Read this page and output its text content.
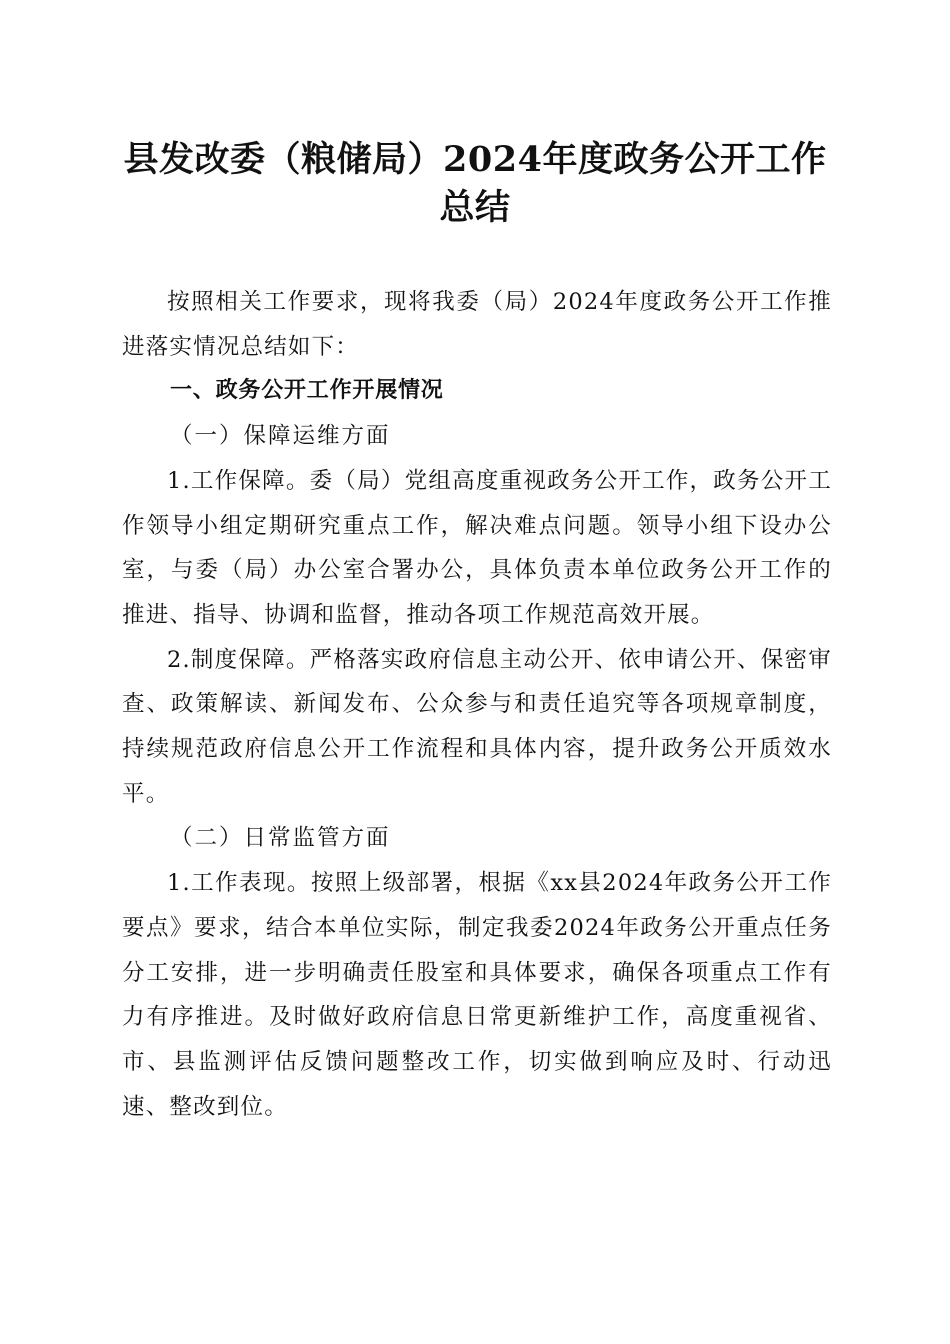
县发改委（粮储局）2024年度政务公开工作
总结

按照相关工作要求，现将我委（局）2024年度政务公开工作推进落实情况总结如下：

一、政务公开工作开展情况

（一）保障运维方面

1.工作保障。委（局）党组高度重视政务公开工作，政务公开工作领导小组定期研究重点工作，解决难点问题。领导小组下设办公室，与委（局）办公室合署办公，具体负责本单位政务公开工作的推进、指导、协调和监督，推动各项工作规范高效开展。

2.制度保障。严格落实政府信息主动公开、依申请公开、保密审查、政策解读、新闻发布、公众参与和责任追究等各项规章制度，持续规范政府信息公开工作流程和具体内容，提升政务公开质效水平。

（二）日常监管方面

1.工作表现。按照上级部署，根据《xx县2024年政务公开工作要点》要求，结合本单位实际，制定我委2024年政务公开重点任务分工安排，进一步明确责任股室和具体要求，确保各项重点工作有力有序推进。及时做好政府信息日常更新维护工作，高度重视省、市、县监测评估反馈问题整改工作，切实做到响应及时、行动迅速、整改到位。
